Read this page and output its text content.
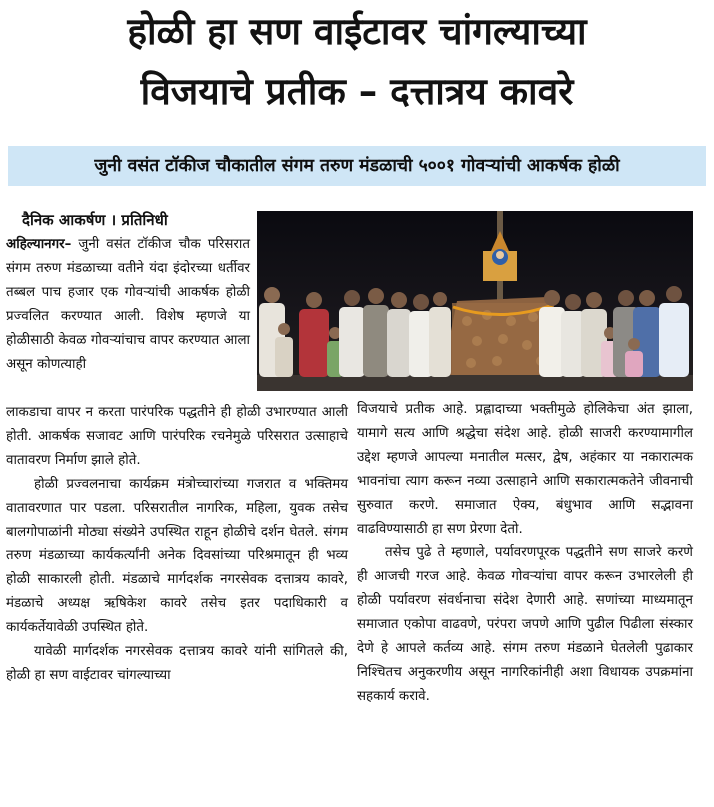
होळी हा सण वाईटावर चांगल्याच्या
विजयाचे प्रतीक – दत्तात्रय कावरे
जुनी वसंत टॉकीज चौकातील संगम तरुण मंडळाची ५००१ गोवऱ्यांची आकर्षक होळी
दैनिक आकर्षण । प्रतिनिधी

अहिल्यानगर– जुनी वसंत टॉकीज चौक परिसरात संगम तरुण मंडळाच्या वतीने यंदा इंदोरच्या धर्तीवर तब्बल पाच हजार एक गोवऱ्यांची आकर्षक होळी प्रज्वलित करण्यात आली. विशेष म्हणजे या होळीसाठी केवळ गोवऱ्यांचाच वापर करण्यात आला असून कोणत्याही

लाकडाचा वापर न करता पारंपरिक पद्धतीने ही होळी उभारण्यात आली होती. आकर्षक सजावट आणि पारंपरिक रचनेमुळे परिसरात उत्साहाचे वातावरण निर्माण झाले होते.

होळी प्रज्वलनाचा कार्यक्रम मंत्रोच्चारांच्या गजरात व भक्तिमय वातावरणात पार पडला. परिसरातील नागरिक, महिला, युवक तसेच बालगोपाळांनी मोठ्या संख्येने उपस्थित राहून होळीचे दर्शन घेतले. संगम तरुण मंडळाच्या कार्यकर्त्यांनी अनेक दिवसांच्या परिश्रमातून ही भव्य होळी साकारली होती. मंडळाचे मार्गदर्शक नगरसेवक दत्तात्रय कावरे, मंडळाचे अध्यक्ष ऋषिकेश कावरे तसेच इतर पदाधिकारी व कार्यकर्तेयावेळी उपस्थित होते.

यावेळी मार्गदर्शक नगरसेवक दत्तात्रय कावरे यांनी सांगितले की, होळी हा सण वाईटावर चांगल्याच्या

विजयाचे प्रतीक आहे. प्रह्लादाच्या भक्तीमुळे होलिकेचा अंत झाला, यामागे सत्य आणि श्रद्धेचा संदेश आहे. होळी साजरी करण्यामागील उद्देश म्हणजे आपल्या मनातील मत्सर, द्वेष, अहंकार या नकारात्मक भावनांचा त्याग करून नव्या उत्साहाने आणि सकारात्मकतेने जीवनाची सुरुवात करणे. समाजात ऐक्य, बंधुभाव आणि सद्भावना वाढविण्यासाठी हा सण प्रेरणा देतो.

तसेच पुढे ते म्हणाले, पर्यावरणपूरक पद्धतीने सण साजरे करणे ही आजची गरज आहे. केवळ गोवऱ्यांचा वापर करून उभारलेली ही होळी पर्यावरण संवर्धनाचा संदेश देणारी आहे. सणांच्या माध्यमातून समाजात एकोपा वाढवणे, परंपरा जपणे आणि पुढील पिढीला संस्कार देणे हे आपले कर्तव्य आहे. संगम तरुण मंडळाने घेतलेली पुढाकार निश्चितच अनुकरणीय असून नागरिकांनीही अशा विधायक उपक्रमांना सहकार्य करावे.
